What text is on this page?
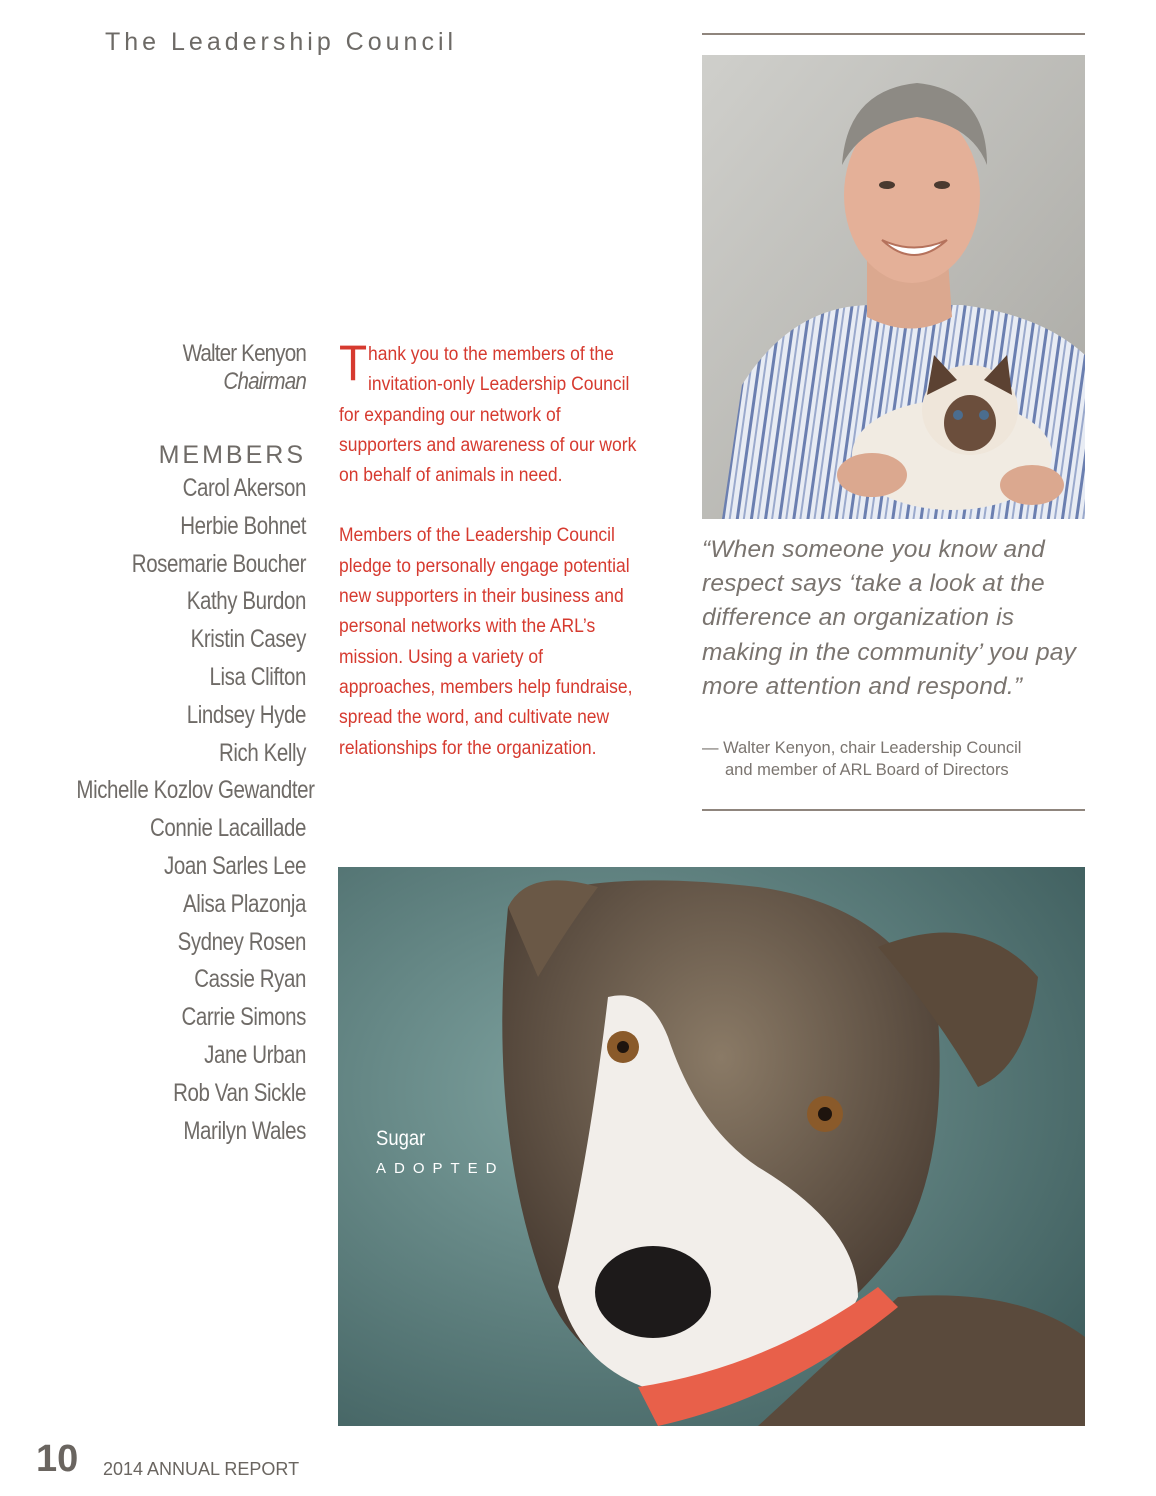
The Leadership Council
Walter Kenyon
Chairman
MEMBERS
Carol Akerson
Herbie Bohnet
Rosemarie Boucher
Kathy Burdon
Kristin Casey
Lisa Clifton
Lindsey Hyde
Rich Kelly
Michelle Kozlov Gewandter
Connie Lacaillade
Joan Sarles Lee
Alisa Plazonja
Sydney Rosen
Cassie Ryan
Carrie Simons
Jane Urban
Rob Van Sickle
Marilyn Wales

Thank you to the members of the invitation-only Leadership Council for expanding our network of supporters and awareness of our work on behalf of animals in need.

Members of the Leadership Council pledge to personally engage potential new supporters in their business and personal networks with the ARL’s mission. Using a variety of approaches, members help fundraise, spread the word, and cultivate new relationships for the organization.

“When someone you know and respect says ‘take a look at the difference an organization is making in the community’ you pay more attention and respond.”
— Walter Kenyon, chair Leadership Council
and member of ARL Board of Directors
Sugar
ADOPTED
10 2014 ANNUAL REPORT
